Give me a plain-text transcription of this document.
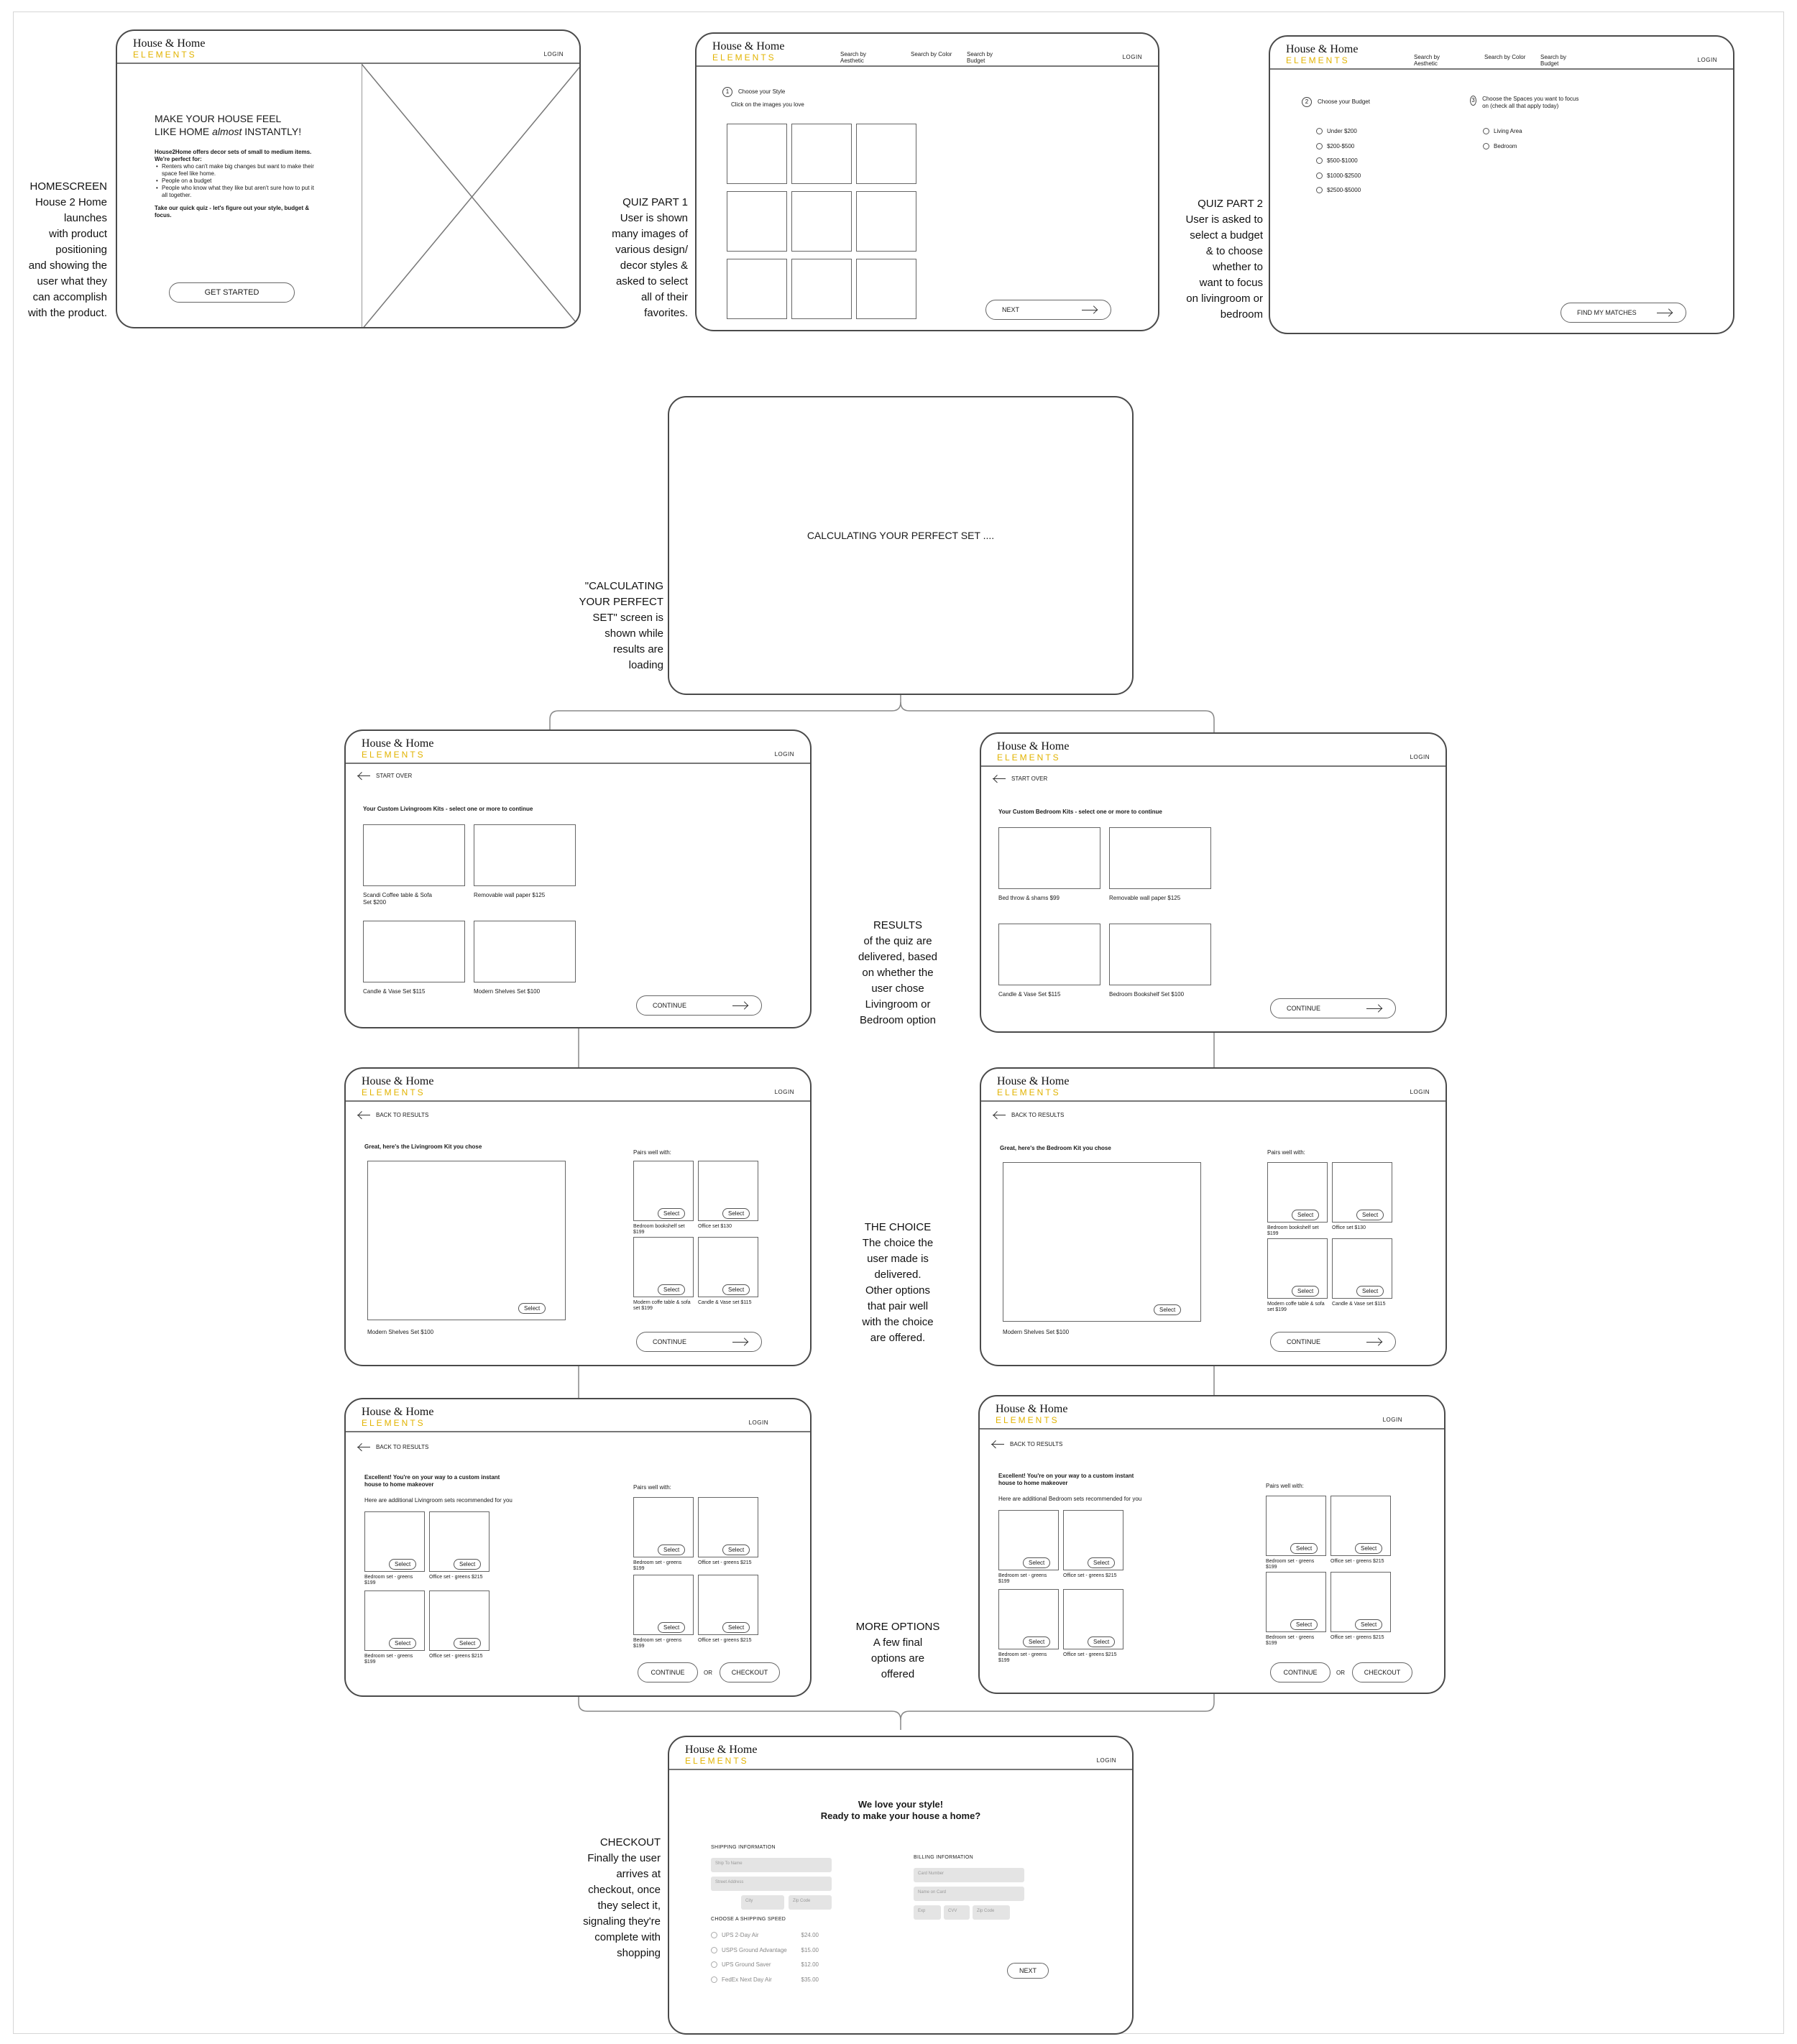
HOMESCREEN
House 2 Home
launches
with product
positioning
and showing the
user what they
can accomplish
with the product.
House & Home
ELEMENTS	LOGIN
MAKE YOUR HOUSE FEEL
LIKE HOME almost INSTANTLY!
House2Home offers decor sets of small to medium items. We're perfect for:
• Renters who can't make big changes but want to make their space feel like home.
• People on a budget
• People who know what they like but aren't sure how to put it all together.
Take our quick quiz - let's figure out your style, budget & focus.
GET STARTED
QUIZ PART 1
User is shown
many images of
various design/
decor styles &
asked to select
all of their
favorites.
House & Home
ELEMENTS	Search by Aesthetic
Search by Color	Search by Budget
LOGIN
1	Choose your Style
Click on the images you love
NEXT
QUIZ PART 2
User is asked to
select a budget
& to choose
whether to
want to focus
on livingroom or
bedroom
House & Home
ELEMENTS	Search by Aesthetic
Search by Color	Search by Budget
LOGIN
2	Choose your Budget
Under $200
$200-$500
$500-$1000
$1000-$2500
$2500-$5000
3 Choose the Spaces you want to focus on (check all that apply today)
Living Area
Bedroom
FIND MY MATCHES
"CALCULATING
YOUR PERFECT
SET" screen is
shown while
results are
loading
CALCULATING YOUR PERFECT SET ....
RESULTS
of the quiz are
delivered, based
on whether the
user chose
Livingroom or
Bedroom option
House & Home
ELEMENTS	LOGIN
START OVER
Your Custom Livingroom Kits - select one or more to continue
Scandi Coffee table & Sofa Set $200
Removable wall paper $125
Candle & Vase Set $115	Modern Shelves Set $100
CONTINUE
House & Home
ELEMENTS	LOGIN
START OVER
Your Custom Bedroom Kits - select one or more to continue
Bed throw & shams $99	Removable wall paper $125
Candle & Vase Set $115	Bedroom Bookshelf Set $100
CONTINUE
THE CHOICE
The choice the
user made is
delivered.
Other options
that pair well
with the choice
are offered.
House & Home
ELEMENTS	LOGIN
BACK TO RESULTS
Great, here's the Livingroom Kit you chose
Select
Modern Shelves Set $100
Pairs well with:
Select
Bedroom bookshelf set $199
Select
Office set $130
Select
Modern coffe table & sofa set $199
Select
Candle & Vase set $115
CONTINUE
House & Home
ELEMENTS	LOGIN
BACK TO RESULTS
Great, here's the Bedroom Kit you chose
Select
Modern Shelves Set $100
Pairs well with:
Select
Bedroom bookshelf set $199
Select
Office set $130
Select
Modern coffe table & sofa set $199
Select
Candle & Vase set $115
CONTINUE
MORE OPTIONS
A few final
options are
offered
House & Home
ELEMENTS	LOGIN
BACK TO RESULTS
Excellent! You're on your way to a custom instant house to home makeover
Here are additional Livingroom sets recommended for you
Select
Bedroom set - greens $199
Select
Office set - greens $215
Select
Bedroom set - greens $199
Select
Office set - greens $215
Pairs well with:
Select
Bedroom set - greens $199
Select
Office set - greens $215
Select
Bedroom set - greens $199
Select
Office set - greens $215
CONTINUE	OR	CHECKOUT
House & Home
ELEMENTS	LOGIN
BACK TO RESULTS
Excellent! You're on your way to a custom instant house to home makeover
Here are additional Bedroom sets recommended for you
Select
Bedroom set - greens $199
Select
Office set - greens $215
Select
Bedroom set - greens $199
Select
Office set - greens $215
Pairs well with:
Select
Bedroom set - greens $199
Select
Office set - greens $215
Select
Bedroom set - greens $199
Select
Office set - greens $215
CONTINUE	OR	CHECKOUT
CHECKOUT
Finally the user
arrives at
checkout, once
they select it,
signaling they're
complete with
shopping
House & Home
ELEMENTS	LOGIN
We love your style!
Ready to make your house a home?
SHIPPING INFORMATION
Ship To Name
Street Address
City	Zip Code
CHOOSE A SHIPPING SPEED
UPS 2-Day Air	$24.00
USPS Ground Advantage $15.00
UPS Ground Saver	$12.00
FedEx Next Day Air	$35.00
BILLING INFORMATION
Card Number
Name on Card
Exp	CVV	Zip Code
NEXT
